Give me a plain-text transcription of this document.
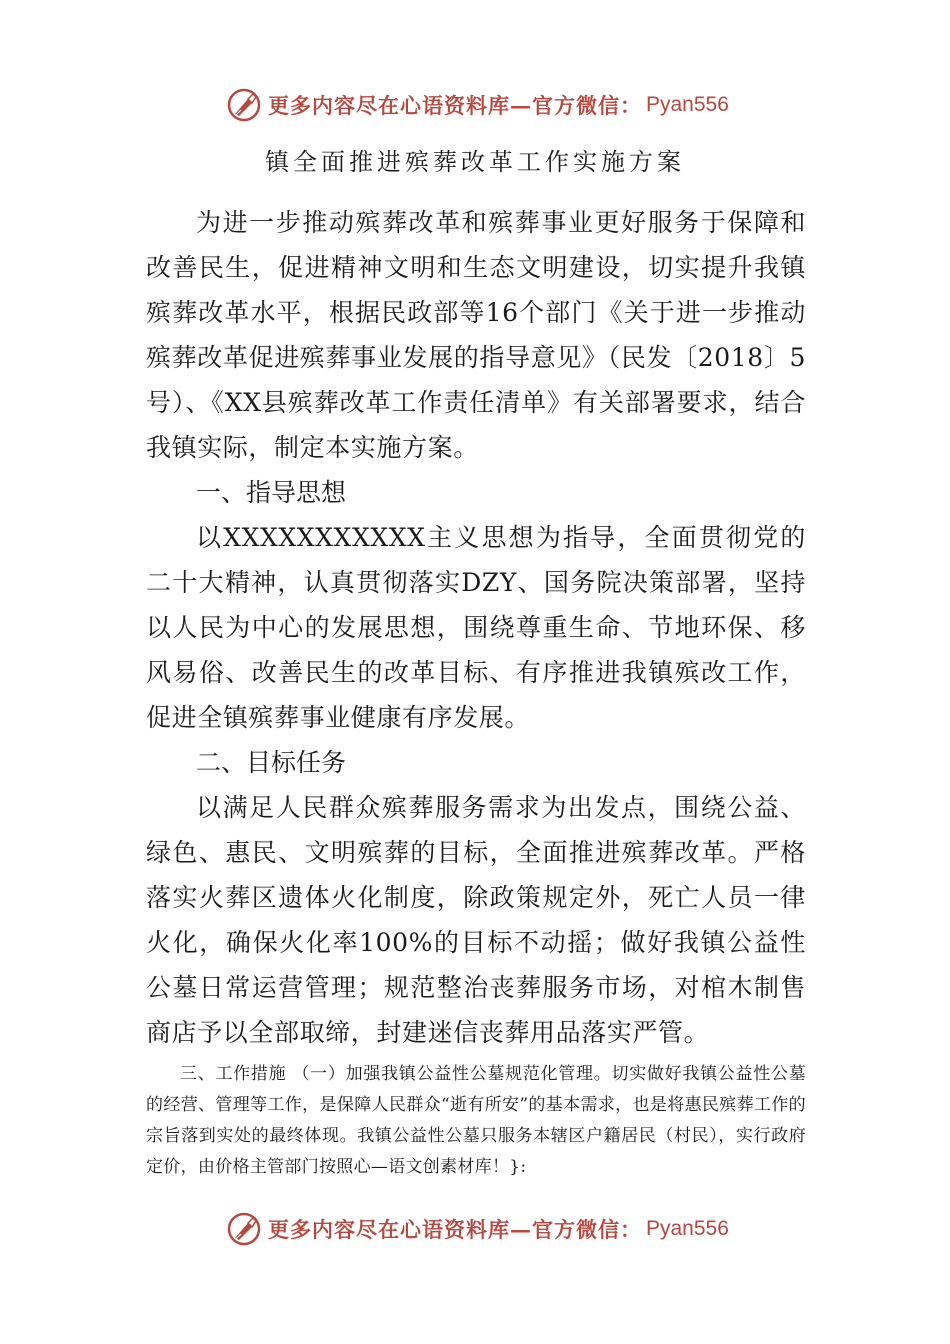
更多内容尽在心语资料库—官方微信： Pyan556
镇全面推进殡葬改革工作实施方案

为进一步推动殡葬改革和殡葬事业更好服务于保障和改善民生，促进精神文明和生态文明建设，切实提升我镇殡葬改革水平，根据民政部等16个部门《关于进一步推动殡葬改革促进殡葬事业发展的指导意见》（民发〔2018〕5号）、《XX县殡葬改革工作责任清单》有关部署要求，结合我镇实际，制定本实施方案。

一、指导思想

以XXXXXXXXXXX主义思想为指导，全面贯彻党的二十大精神，认真贯彻落实DZY、国务院决策部署，坚持以人民为中心的发展思想，围绕尊重生命、节地环保、移风易俗、改善民生的改革目标、有序推进我镇殡改工作，促进全镇殡葬事业健康有序发展。

二、目标任务

以满足人民群众殡葬服务需求为出发点，围绕公益、绿色、惠民、文明殡葬的目标，全面推进殡葬改革。严格落实火葬区遗体火化制度，除政策规定外，死亡人员一律火化，确保火化率100%的目标不动摇；做好我镇公益性公墓日常运营管理；规范整治丧葬服务市场，对棺木制售商店予以全部取缔，封建迷信丧葬用品落实严管。

三、工作措施 （一）加强我镇公益性公墓规范化管理。切实做好我镇公益性公墓的经营、管理等工作，是保障人民群众“逝有所安”的基本需求，也是将惠民殡葬工作的宗旨落到实处的最终体现。我镇公益性公墓只服务本辖区户籍居民（村民），实行政府定价，由价格主管部门按照心—语文创素材库！}:

更多内容尽在心语资料库—官方微信： Pyan556
